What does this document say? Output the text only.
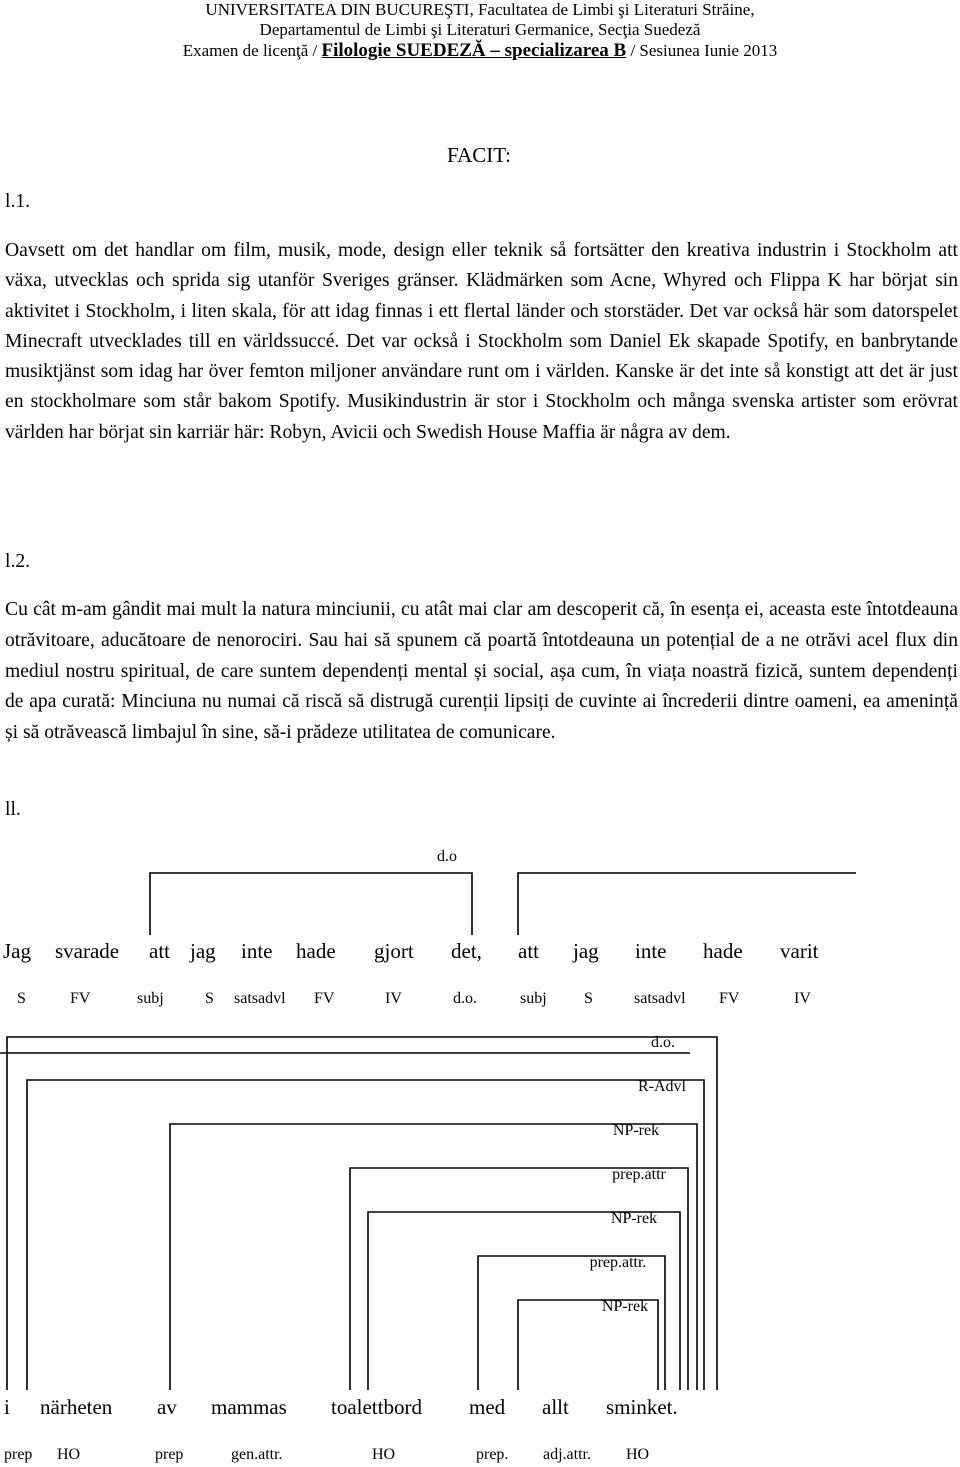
UNIVERSITATEA DIN BUCUREŞTI, Facultatea de Limbi şi Literaturi Străine,
Departamentul de Limbi şi Literaturi Germanice, Secţia Suedeză
Examen de licenţă / Filologie SUEDEZĂ – specializarea B / Sesiunea Iunie 2013
FACIT:
l.1.
Oavsett om det handlar om film, musik, mode, design eller teknik så fortsätter den kreativa industrin i Stockholm att växa, utvecklas och sprida sig utanför Sveriges gränser. Klädmärken som Acne, Whyred och Flippa K har börjat sin aktivitet i Stockholm, i liten skala, för att idag finnas i ett flertal länder och storstäder. Det var också här som datorspelet Minecraft utvecklades till en världssuccé. Det var också i Stockholm som Daniel Ek skapade Spotify, en banbrytande musiktjänst som idag har över femton miljoner användare runt om i världen. Kanske är det inte så konstigt att det är just en stockholmare som står bakom Spotify. Musikindustrin är stor i Stockholm och många svenska artister som erövrat världen har börjat sin karriär här: Robyn, Avicii och Swedish House Maffia är några av dem.
l.2.
Cu cât m-am gândit mai mult la natura minciunii, cu atât mai clar am descoperit că, în esența ei, aceasta este întotdeauna otrăvitoare, aducătoare de nenorociri. Sau hai să spunem că poartă întotdeauna un potențial de a ne otrăvi acel flux din mediul nostru spiritual, de care suntem dependenți mental și social, așa cum, în viața noastră fizică, suntem dependenți de apa curată: Minciuna nu numai că riscă să distrugă curenții lipsiți de cuvinte ai încrederii dintre oameni, ea amenință și să otrăvească limbajul în sine, să-i prădeze utilitatea de comunicare.
ll.
d.o
Jag svarade att jag inte hade gjort det, att jag inte hade varit
S	FV	subj	S satsadvl FV	IV	d.o.	subj S	satsadvl FV	IV
d.o.
R-Advl
NP-rek
prep.attr
NP-rek
prep.attr.
NP-rek
i närheten av mammas toalettbord med allt sminket.
prep HO	prep	gen.attr.	HO	prep. adj.attr. HO
